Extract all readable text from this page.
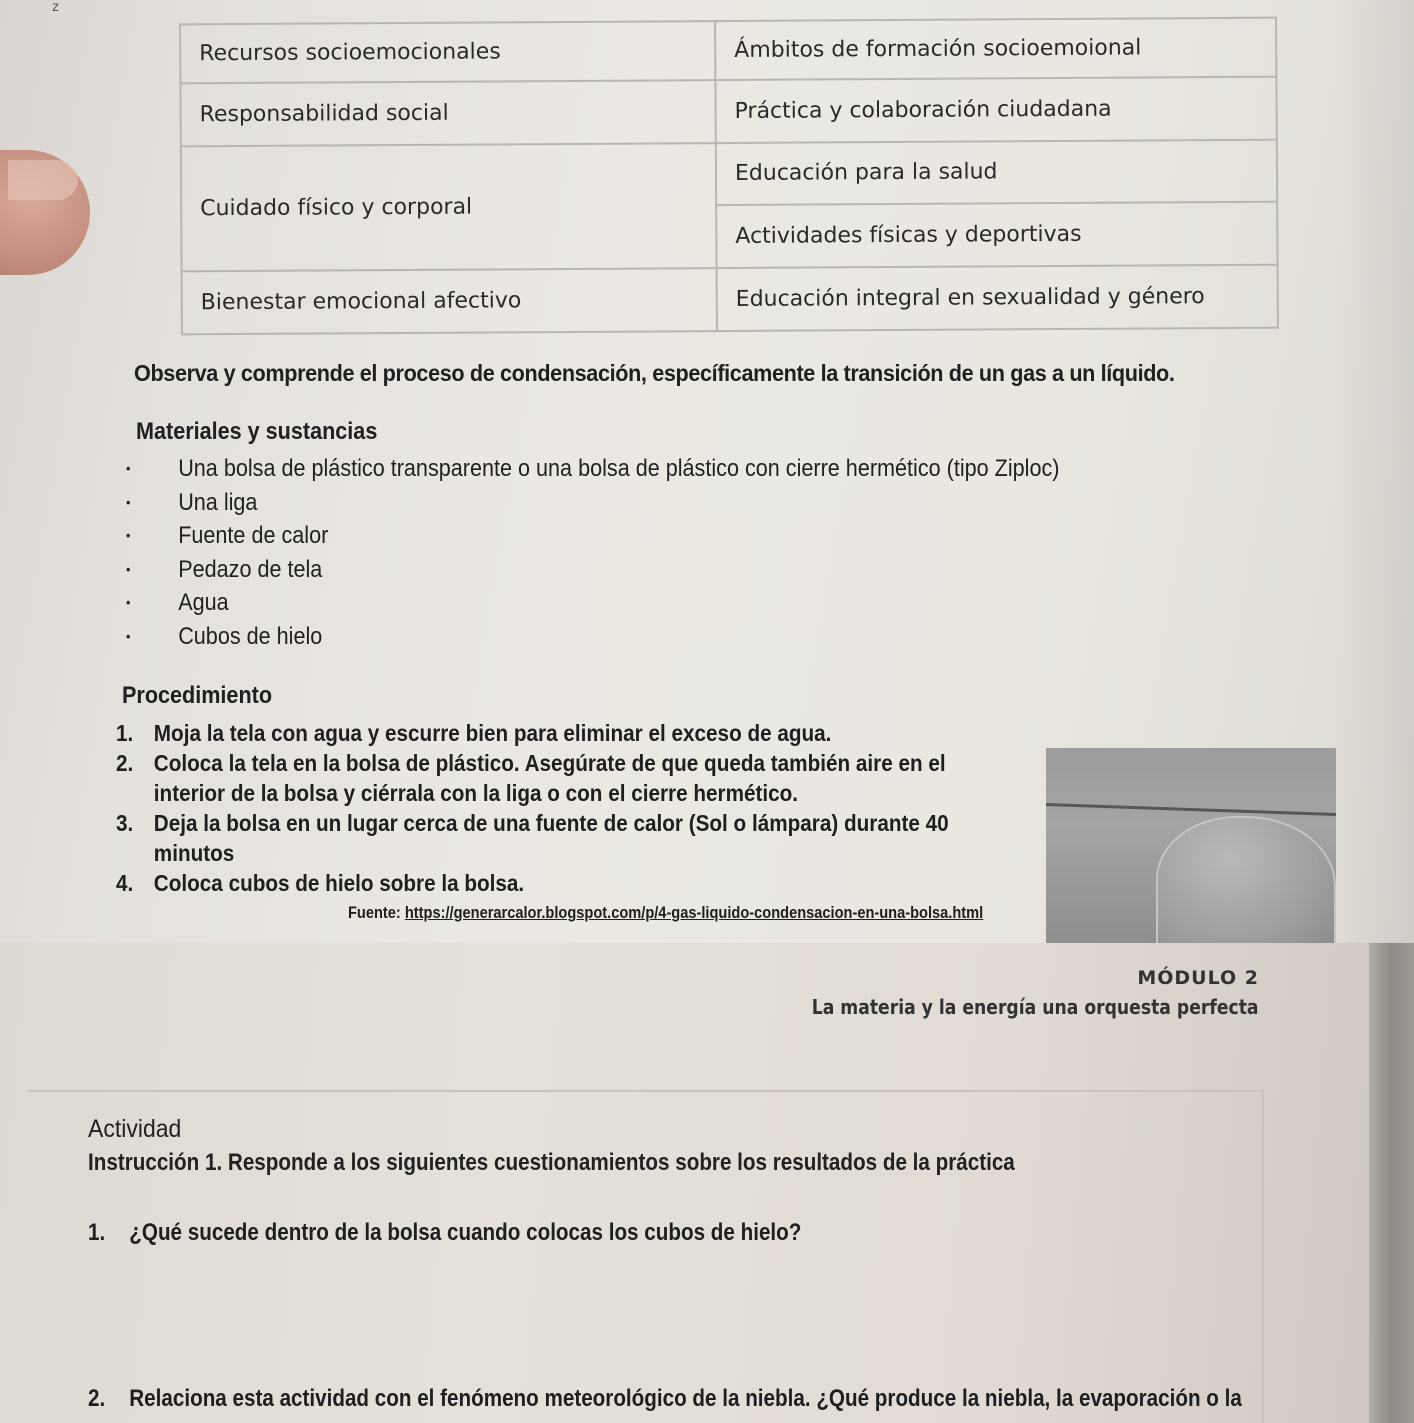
z
Recursos socioemocionales	Ámbitos de formación socioemoional
Responsabilidad social	Práctica y colaboración ciudadana
Cuidado físico y corporal	Educación para la salud
	Actividades físicas y deportivas
Bienestar emocional afectivo	Educación integral en sexualidad y género
Observa y comprende el proceso de condensación, específicamente la transición de un gas a un líquido.
Materiales y sustancias
• Una bolsa de plástico transparente o una bolsa de plástico con cierre hermético (tipo Ziploc)
• Una liga
• Fuente de calor
• Pedazo de tela
• Agua
• Cubos de hielo
Procedimiento
1. Moja la tela con agua y escurre bien para eliminar el exceso de agua.
2. Coloca la tela en la bolsa de plástico. Asegúrate de que queda también aire en el interior de la bolsa y ciérrala con la liga o con el cierre hermético.
3. Deja la bolsa en un lugar cerca de una fuente de calor (Sol o lámpara) durante 40 minutos
4. Coloca cubos de hielo sobre la bolsa.
Fuente: https://generarcalor.blogspot.com/p/4-gas-liquido-condensacion-en-una-bolsa.html
MÓDULO 2
La materia y la energía una orquesta perfecta
Actividad
Instrucción 1. Responde a los siguientes cuestionamientos sobre los resultados de la práctica
1.	¿Qué sucede dentro de la bolsa cuando colocas los cubos de hielo?
2.	Relaciona esta actividad con el fenómeno meteorológico de la niebla. ¿Qué produce la niebla, la evaporación o la
